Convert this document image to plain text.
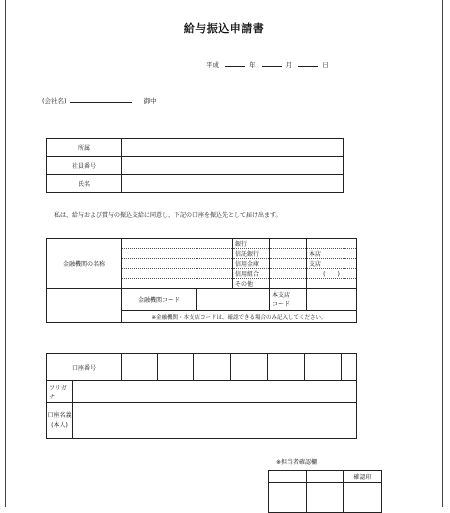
給与振込申請書
平成	年	月	日
(会社名)	御中
所属	
社員番号	
氏名	
私は、給与および賞与の振込支給に同意し、下記の口座を振込先として届け出ます。
金融機関の名称			銀行		
			信託銀行		本店
			信用金庫		支店
			信用組合		(　　)
			その他		
	金融機関コード			本支店
コード	
	※金融機関・本支店コードは、確認できる場合のみ記入してください。				
口座番号							
フリガナ	
口座名義
(本人)	
※担当者確認欄
		確認印
